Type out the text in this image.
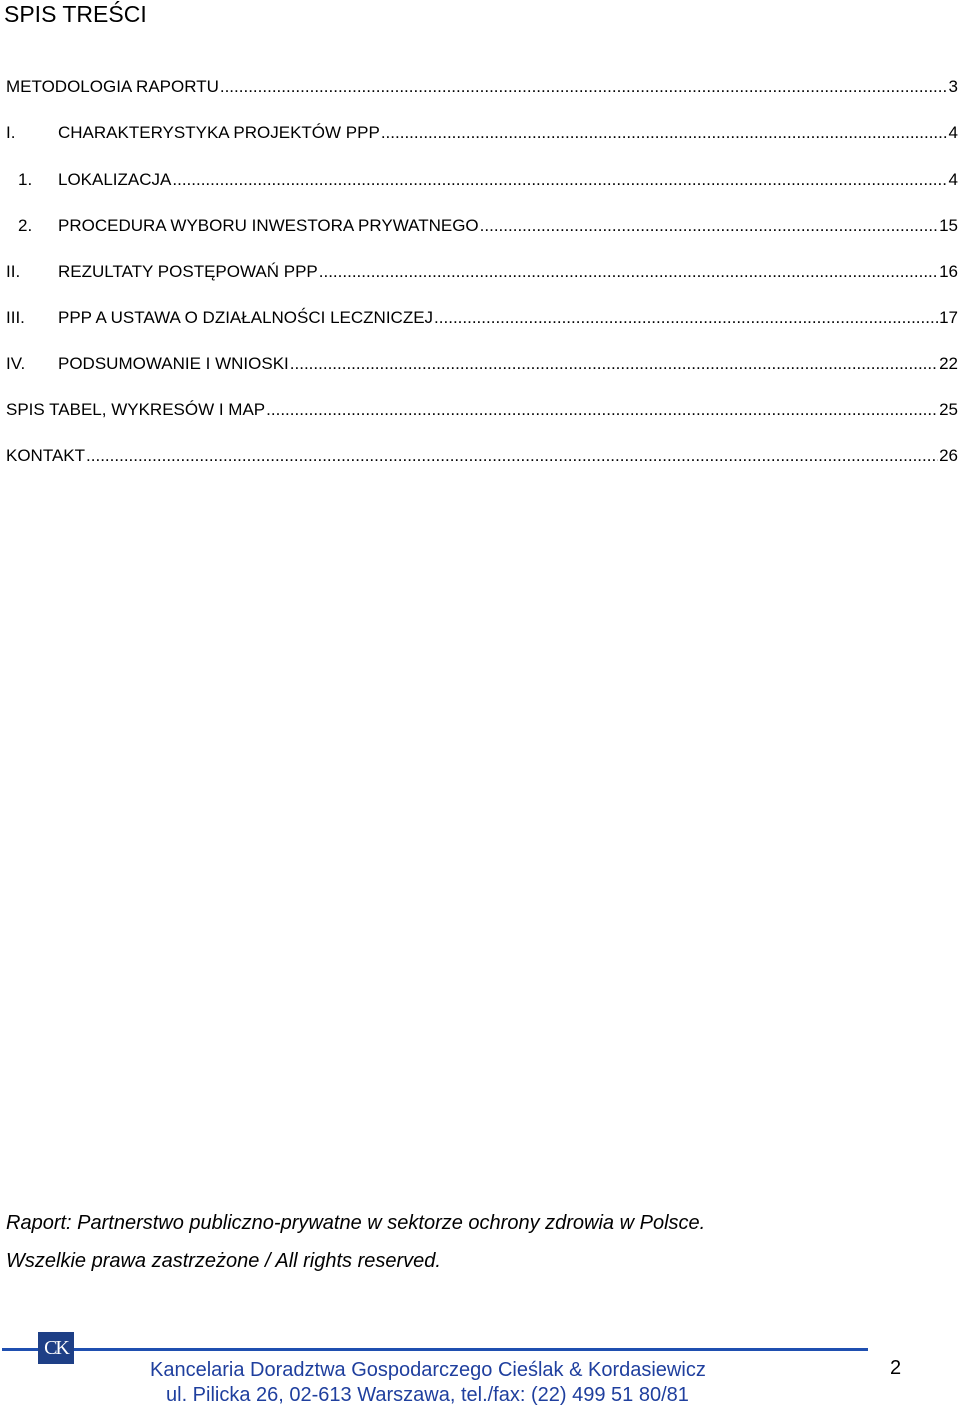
SPIS TREŚCI
METODOLOGIA RAPORTU .....	3
I.	CHARAKTERYSTYKA PROJEKTÓW PPP .....	4
1.	LOKALIZACJA .....	4
2.	PROCEDURA WYBORU INWESTORA PRYWATNEGO .....	15
II.	REZULTATY POSTĘPOWAŃ PPP .....	16
III.	PPP A USTAWA O DZIAŁALNOŚCI LECZNICZEJ .....	17
IV.	PODSUMOWANIE I WNIOSKI .....	22
SPIS TABEL, WYKRESÓW I MAP .....	25
KONTAKT .....	26
Raport: Partnerstwo publiczno-prywatne w sektorze ochrony zdrowia w Polsce.
Wszelkie prawa zastrzeżone / All rights reserved.
CK
Kancelaria Doradztwa Gospodarczego Cieślak & Kordasiewicz
ul. Pilicka 26, 02-613 Warszawa, tel./fax: (22) 499 51 80/81
2
